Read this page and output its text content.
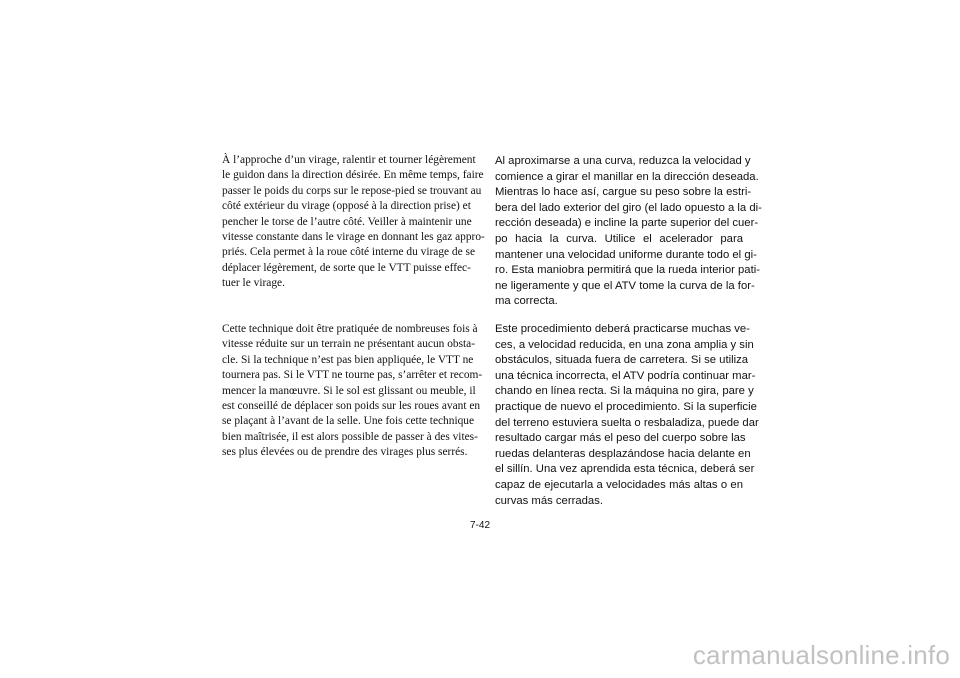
À l’approche d’un virage, ralentir et tourner légèrement
le guidon dans la direction désirée. En même temps, faire
passer le poids du corps sur le repose-pied se trouvant au
côté extérieur du virage (opposé à la direction prise) et
pencher le torse de l’autre côté. Veiller à maintenir une
vitesse constante dans le virage en donnant les gaz appro-
priés. Cela permet à la roue côté interne du virage de se
déplacer légèrement, de sorte que le VTT puisse effec-
tuer le virage.
Cette technique doit être pratiquée de nombreuses fois à
vitesse réduite sur un terrain ne présentant aucun obsta-
cle. Si la technique n’est pas bien appliquée, le VTT ne
tournera pas. Si le VTT ne tourne pas, s’arrêter et recom-
mencer la manœuvre. Si le sol est glissant ou meuble, il
est conseillé de déplacer son poids sur les roues avant en
se plaçant à l’avant de la selle. Une fois cette technique
bien maîtrisée, il est alors possible de passer à des vites-
ses plus élevées ou de prendre des virages plus serrés.
Al aproximarse a una curva, reduzca la velocidad y
comience a girar el manillar en la dirección deseada.
Mientras lo hace así, cargue su peso sobre la estri-
bera del lado exterior del giro (el lado opuesto a la di-
rección deseada) e incline la parte superior del cuer-
po hacia la curva. Utilice el acelerador para
mantener una velocidad uniforme durante todo el gi-
ro. Esta maniobra permitirá que la rueda interior pati-
ne ligeramente y que el ATV tome la curva de la for-
ma correcta.
Este procedimiento deberá practicarse muchas ve-
ces, a velocidad reducida, en una zona amplia y sin
obstáculos, situada fuera de carretera. Si se utiliza
una técnica incorrecta, el ATV podría continuar mar-
chando en línea recta. Si la máquina no gira, pare y
practique de nuevo el procedimiento. Si la superficie
del terreno estuviera suelta o resbaladiza, puede dar
resultado cargar más el peso del cuerpo sobre las
ruedas delanteras desplazándose hacia delante en
el sillín. Una vez aprendida esta técnica, deberá ser
capaz de ejecutarla a velocidades más altas o en
curvas más cerradas.
7-42
carmanualsonline.info
